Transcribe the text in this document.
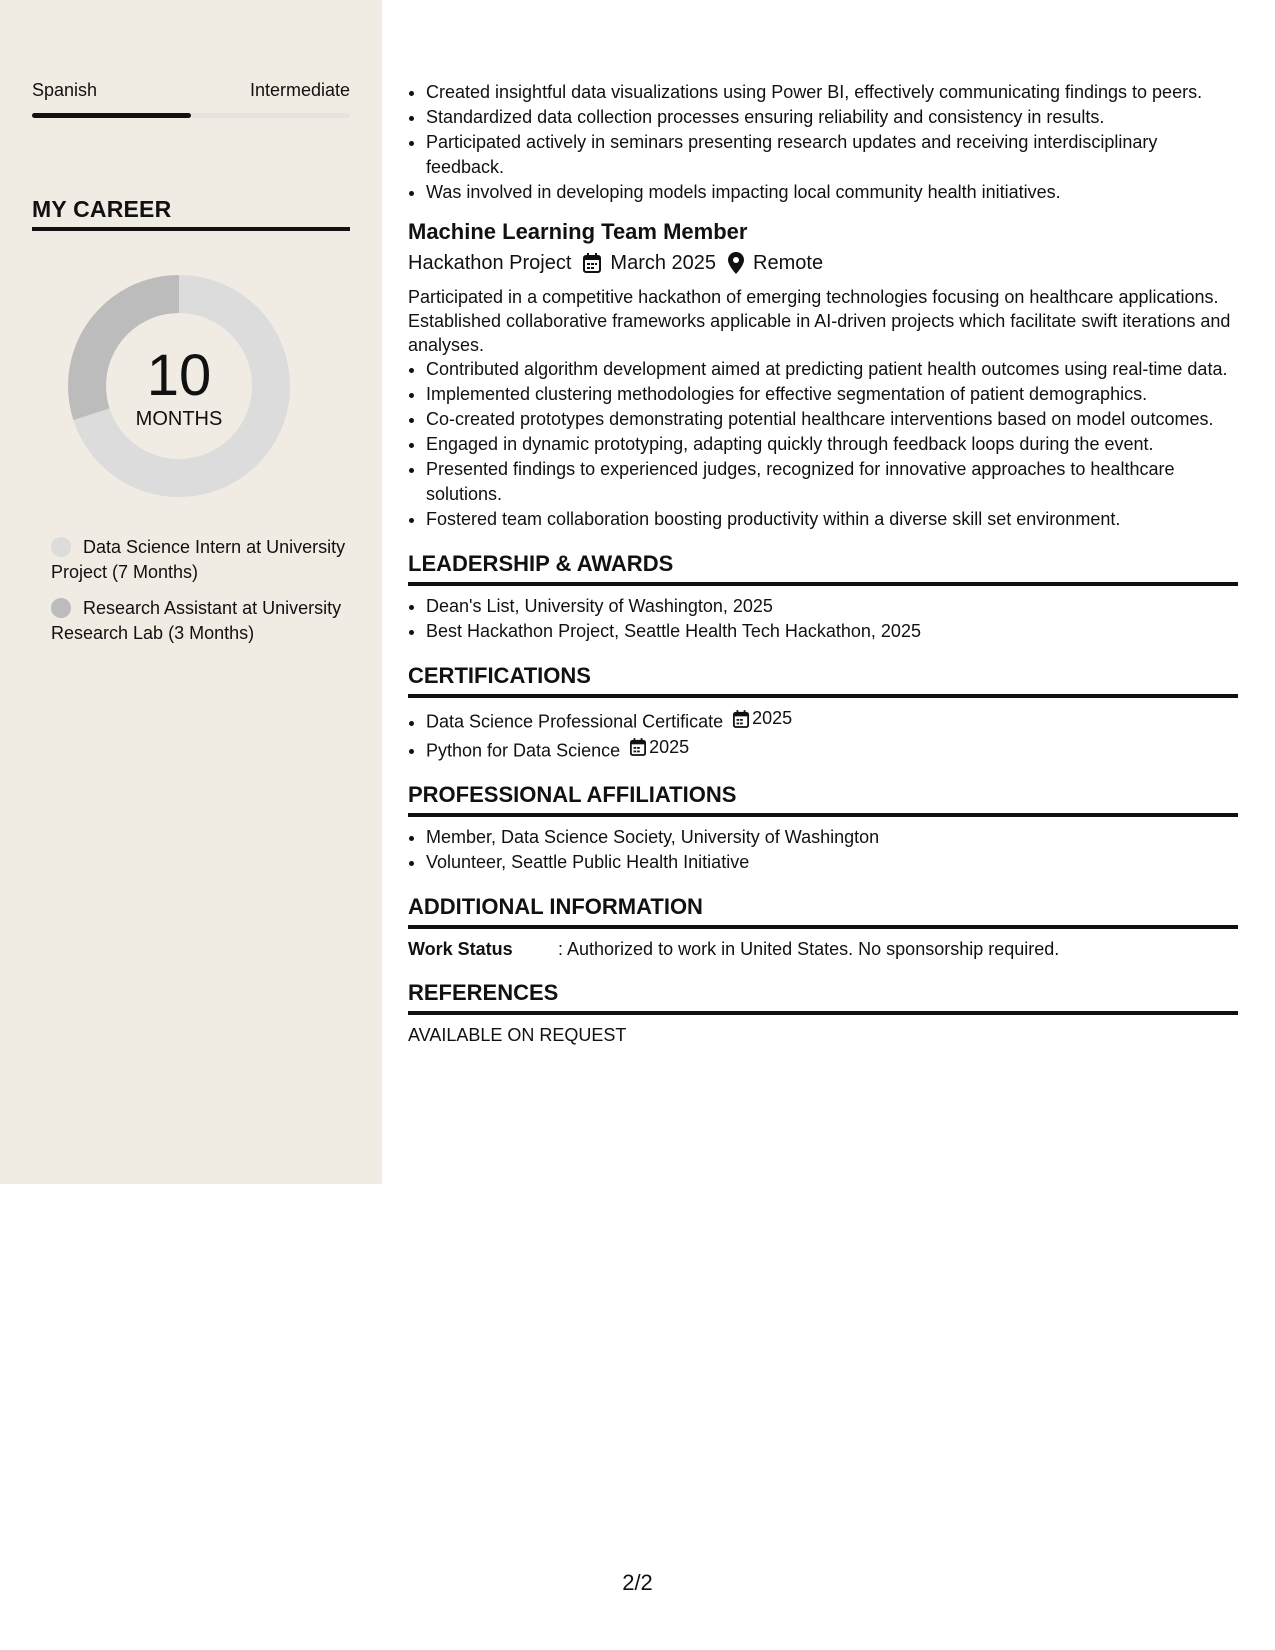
Spanish	Intermediate
MY CAREER
10
MONTHS
Data Science Intern at University Project (7 Months)
Research Assistant at University Research Lab (3 Months)
• Created insightful data visualizations using Power BI, effectively communicating findings to peers.
• Standardized data collection processes ensuring reliability and consistency in results.
• Participated actively in seminars presenting research updates and receiving interdisciplinary feedback.
• Was involved in developing models impacting local community health initiatives.
Machine Learning Team Member
Hackathon Project March 2025 Remote
Participated in a competitive hackathon of emerging technologies focusing on healthcare applications. Established collaborative frameworks applicable in AI-driven projects which facilitate swift iterations and analyses.
• Contributed algorithm development aimed at predicting patient health outcomes using real-time data.
• Implemented clustering methodologies for effective segmentation of patient demographics.
• Co-created prototypes demonstrating potential healthcare interventions based on model outcomes.
• Engaged in dynamic prototyping, adapting quickly through feedback loops during the event.
• Presented findings to experienced judges, recognized for innovative approaches to healthcare solutions.
• Fostered team collaboration boosting productivity within a diverse skill set environment.
LEADERSHIP & AWARDS
• Dean's List, University of Washington, 2025
• Best Hackathon Project, Seattle Health Tech Hackathon, 2025
CERTIFICATIONS
• Data Science Professional Certificate 2025
• Python for Data Science 2025
PROFESSIONAL AFFILIATIONS
• Member, Data Science Society, University of Washington
• Volunteer, Seattle Public Health Initiative
ADDITIONAL INFORMATION
Work Status	: Authorized to work in United States. No sponsorship required.
REFERENCES
AVAILABLE ON REQUEST
2/2
